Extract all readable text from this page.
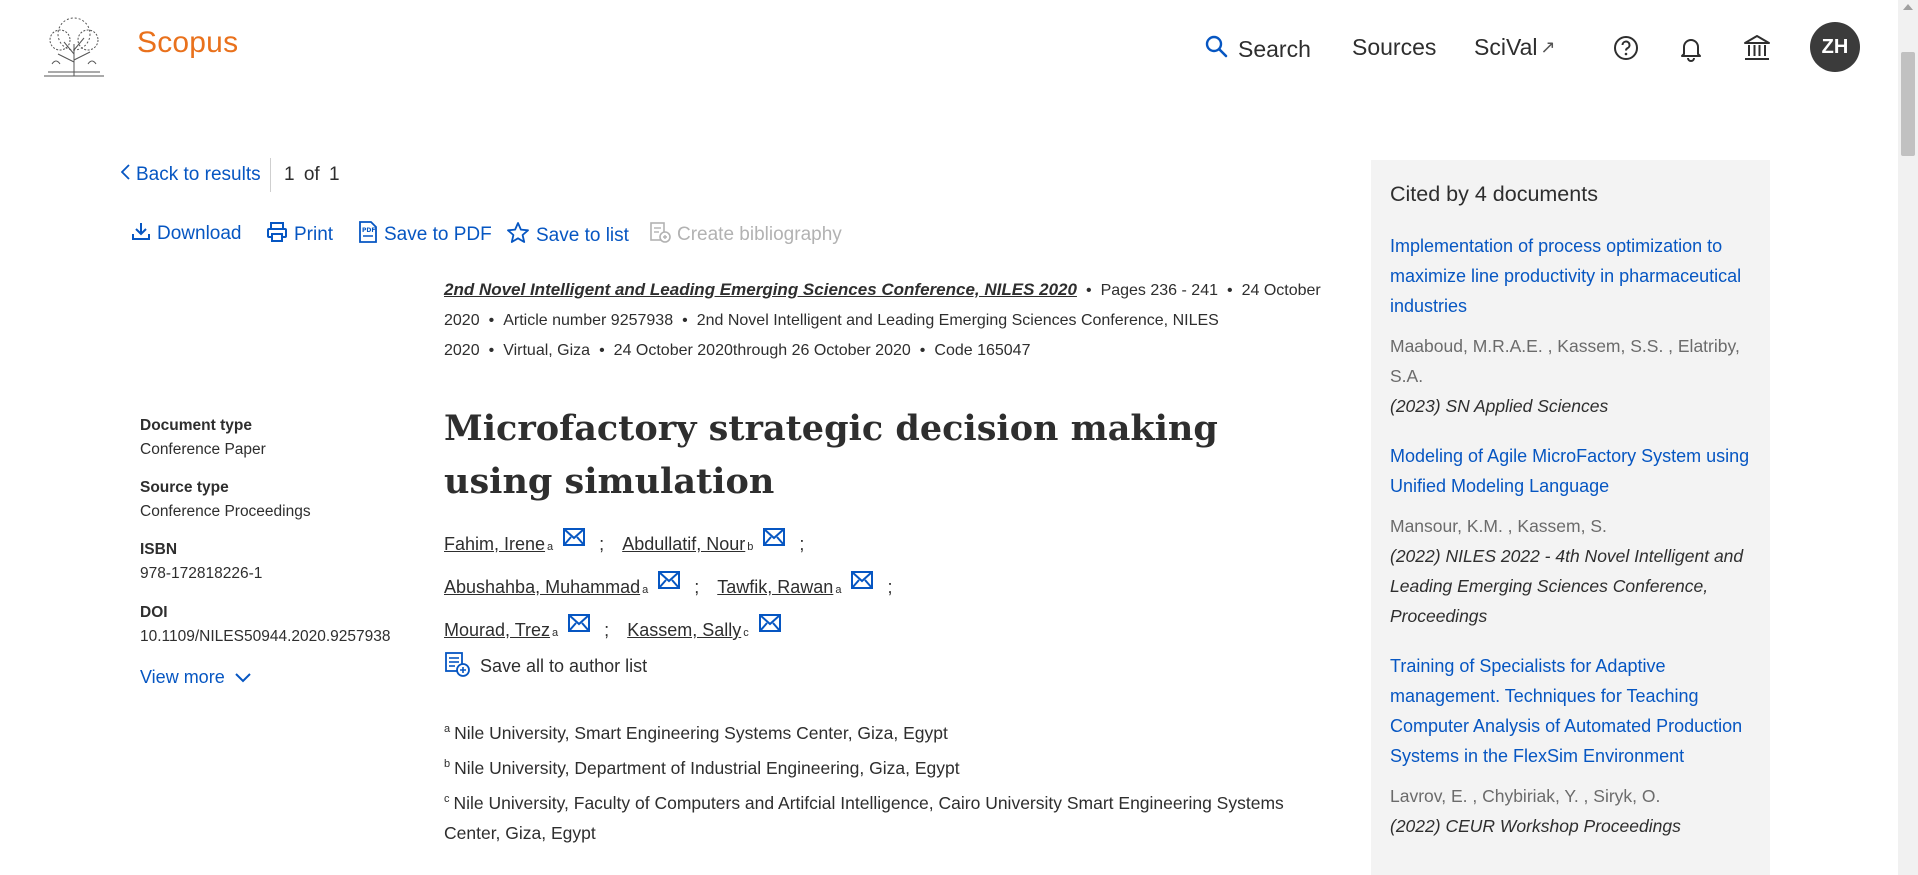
Scopus	Search Sources SciVal ↗	ZH
Back to results 1 of 1
Download	Print	PDF Save to PDF Save to list	Create bibliography
2nd Novel Intelligent and Leading Emerging Sciences Conference, NILES 2020 • Pages 236 - 241 • 24 October 2020 • Article number 9257938 • 2nd Novel Intelligent and Leading Emerging Sciences Conference, NILES 2020 • Virtual, Giza • 24 October 2020through 26 October 2020 • Code 165047
Document type
Conference Paper
Source type
Conference Proceedings
ISBN
978-172818226-1
DOI
10.1109/NILES50944.2020.9257938
View more
Microfactory strategic decision making using simulation
Fahim, Irene a	; Abdullatif, Nour b	;
Abushahba, Muhammad a	; Tawfik, Rawan a	;
Mourad, Trez a	; Kassem, Sally c
Save all to author list
$^a$ Nile University, Smart Engineering Systems Center, Giza, Egypt
$^b$ Nile University, Department of Industrial Engineering, Giza, Egypt
$^c$ Nile University, Faculty of Computers and Artifcial Intelligence, Cairo University Smart Engineering Systems Center, Giza, Egypt
Cited by 4 documents
Implementation of process optimization to maximize line productivity in pharmaceutical industries
Maaboud, M.R.A.E. , Kassem, S.S. , Elatriby, S.A.
(2023) SN Applied Sciences
Modeling of Agile MicroFactory System using Unified Modeling Language
Mansour, K.M. , Kassem, S.
(2022) NILES 2022 - 4th Novel Intelligent and Leading Emerging Sciences Conference, Proceedings
Training of Specialists for Adaptive management. Techniques for Teaching Computer Analysis of Automated Production Systems in the FlexSim Environment
Lavrov, E. , Chybiriak, Y. , Siryk, O.
(2022) CEUR Workshop Proceedings
